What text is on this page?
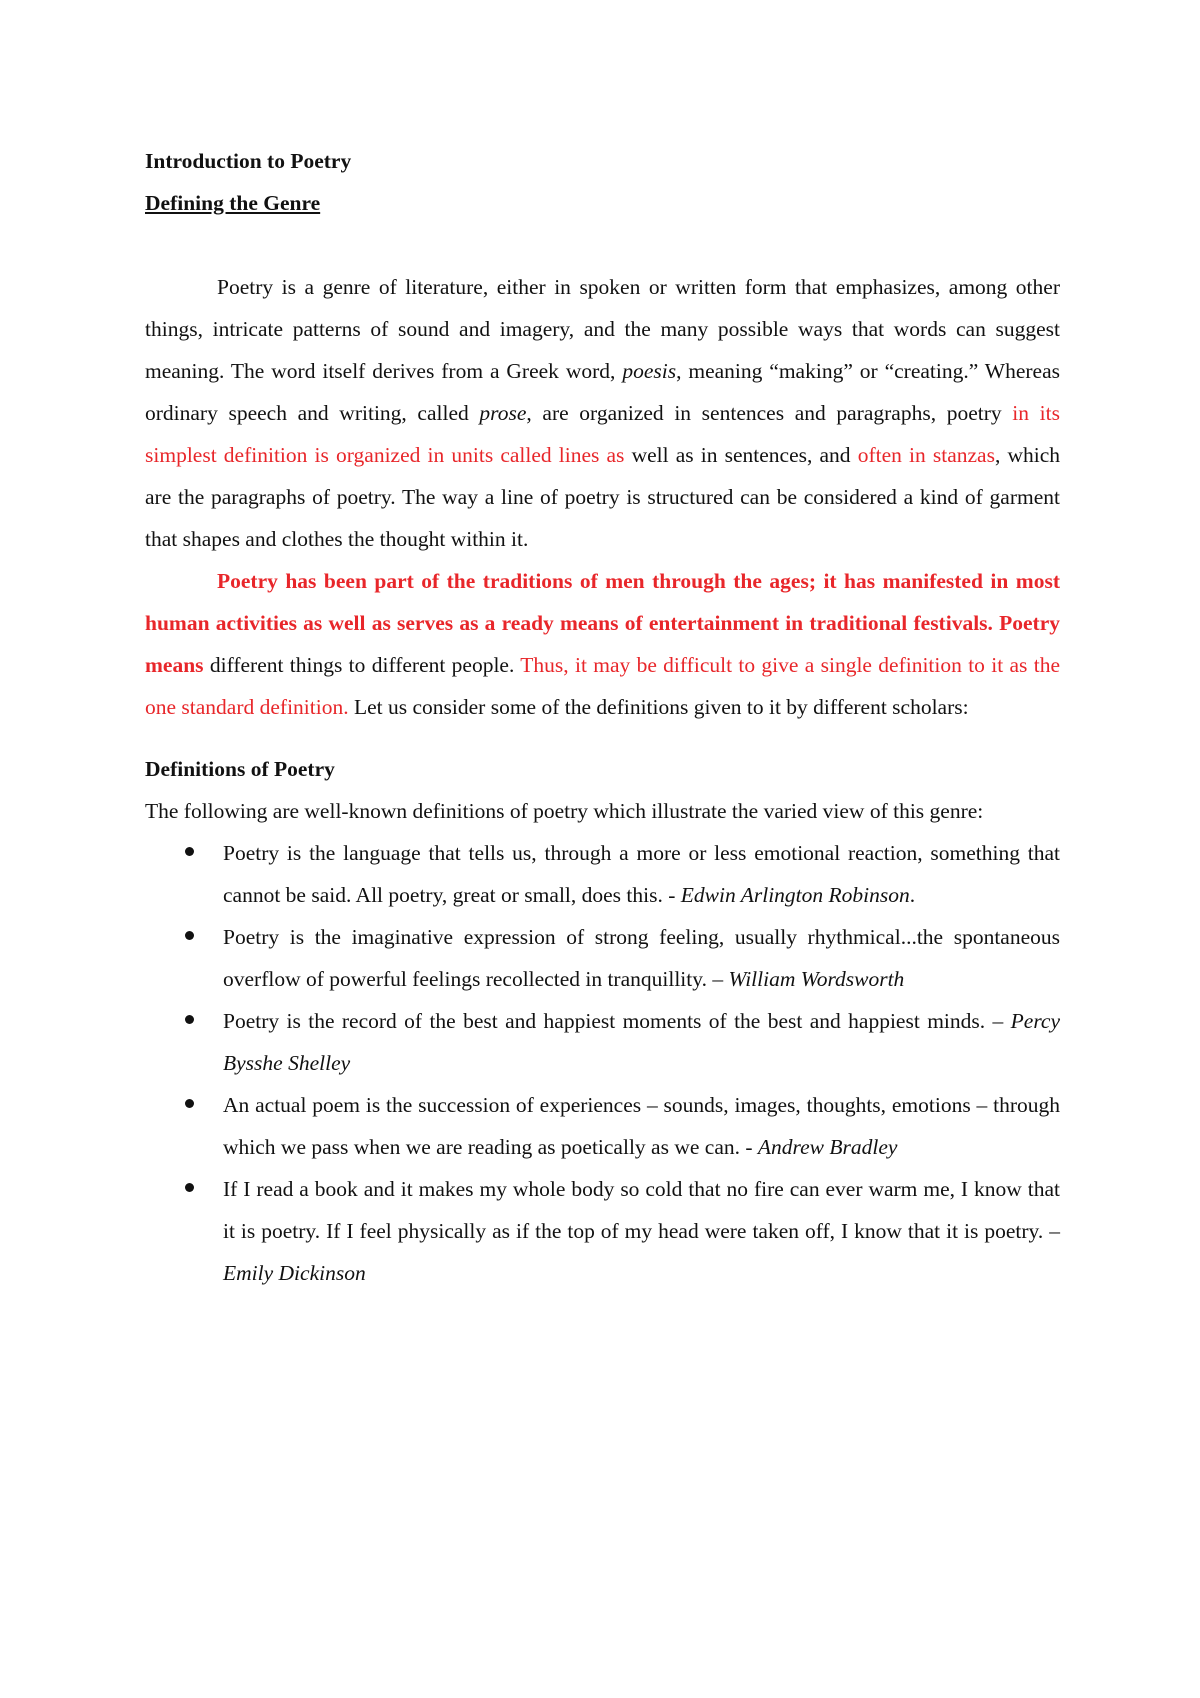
Introduction to Poetry

Defining the Genre

Poetry is a genre of literature, either in spoken or written form that emphasizes, among other things, intricate patterns of sound and imagery, and the many possible ways that words can suggest meaning. The word itself derives from a Greek word, poesis, meaning “making” or “creating.” Whereas ordinary speech and writing, called prose, are organized in sentences and paragraphs, poetry in its simplest definition is organized in units called lines as well as in sentences, and often in stanzas, which are the paragraphs of poetry. The way a line of poetry is structured can be considered a kind of garment that shapes and clothes the thought within it.

Poetry has been part of the traditions of men through the ages; it has manifested in most human activities as well as serves as a ready means of entertainment in traditional festivals. Poetry means different things to different people. Thus, it may be difficult to give a single definition to it as the one standard definition. Let us consider some of the definitions given to it by different scholars:

Definitions of Poetry

The following are well-known definitions of poetry which illustrate the varied view of this genre:

Poetry is the language that tells us, through a more or less emotional reaction, something that cannot be said. All poetry, great or small, does this. - Edwin Arlington Robinson.
Poetry is the imaginative expression of strong feeling, usually rhythmical...the spontaneous overflow of powerful feelings recollected in tranquillity. – William Wordsworth
Poetry is the record of the best and happiest moments of the best and happiest minds. – Percy Bysshe Shelley
An actual poem is the succession of experiences – sounds, images, thoughts, emotions – through which we pass when we are reading as poetically as we can. - Andrew Bradley
If I read a book and it makes my whole body so cold that no fire can ever warm me, I know that it is poetry. If I feel physically as if the top of my head were taken off, I know that it is poetry. – Emily Dickinson
